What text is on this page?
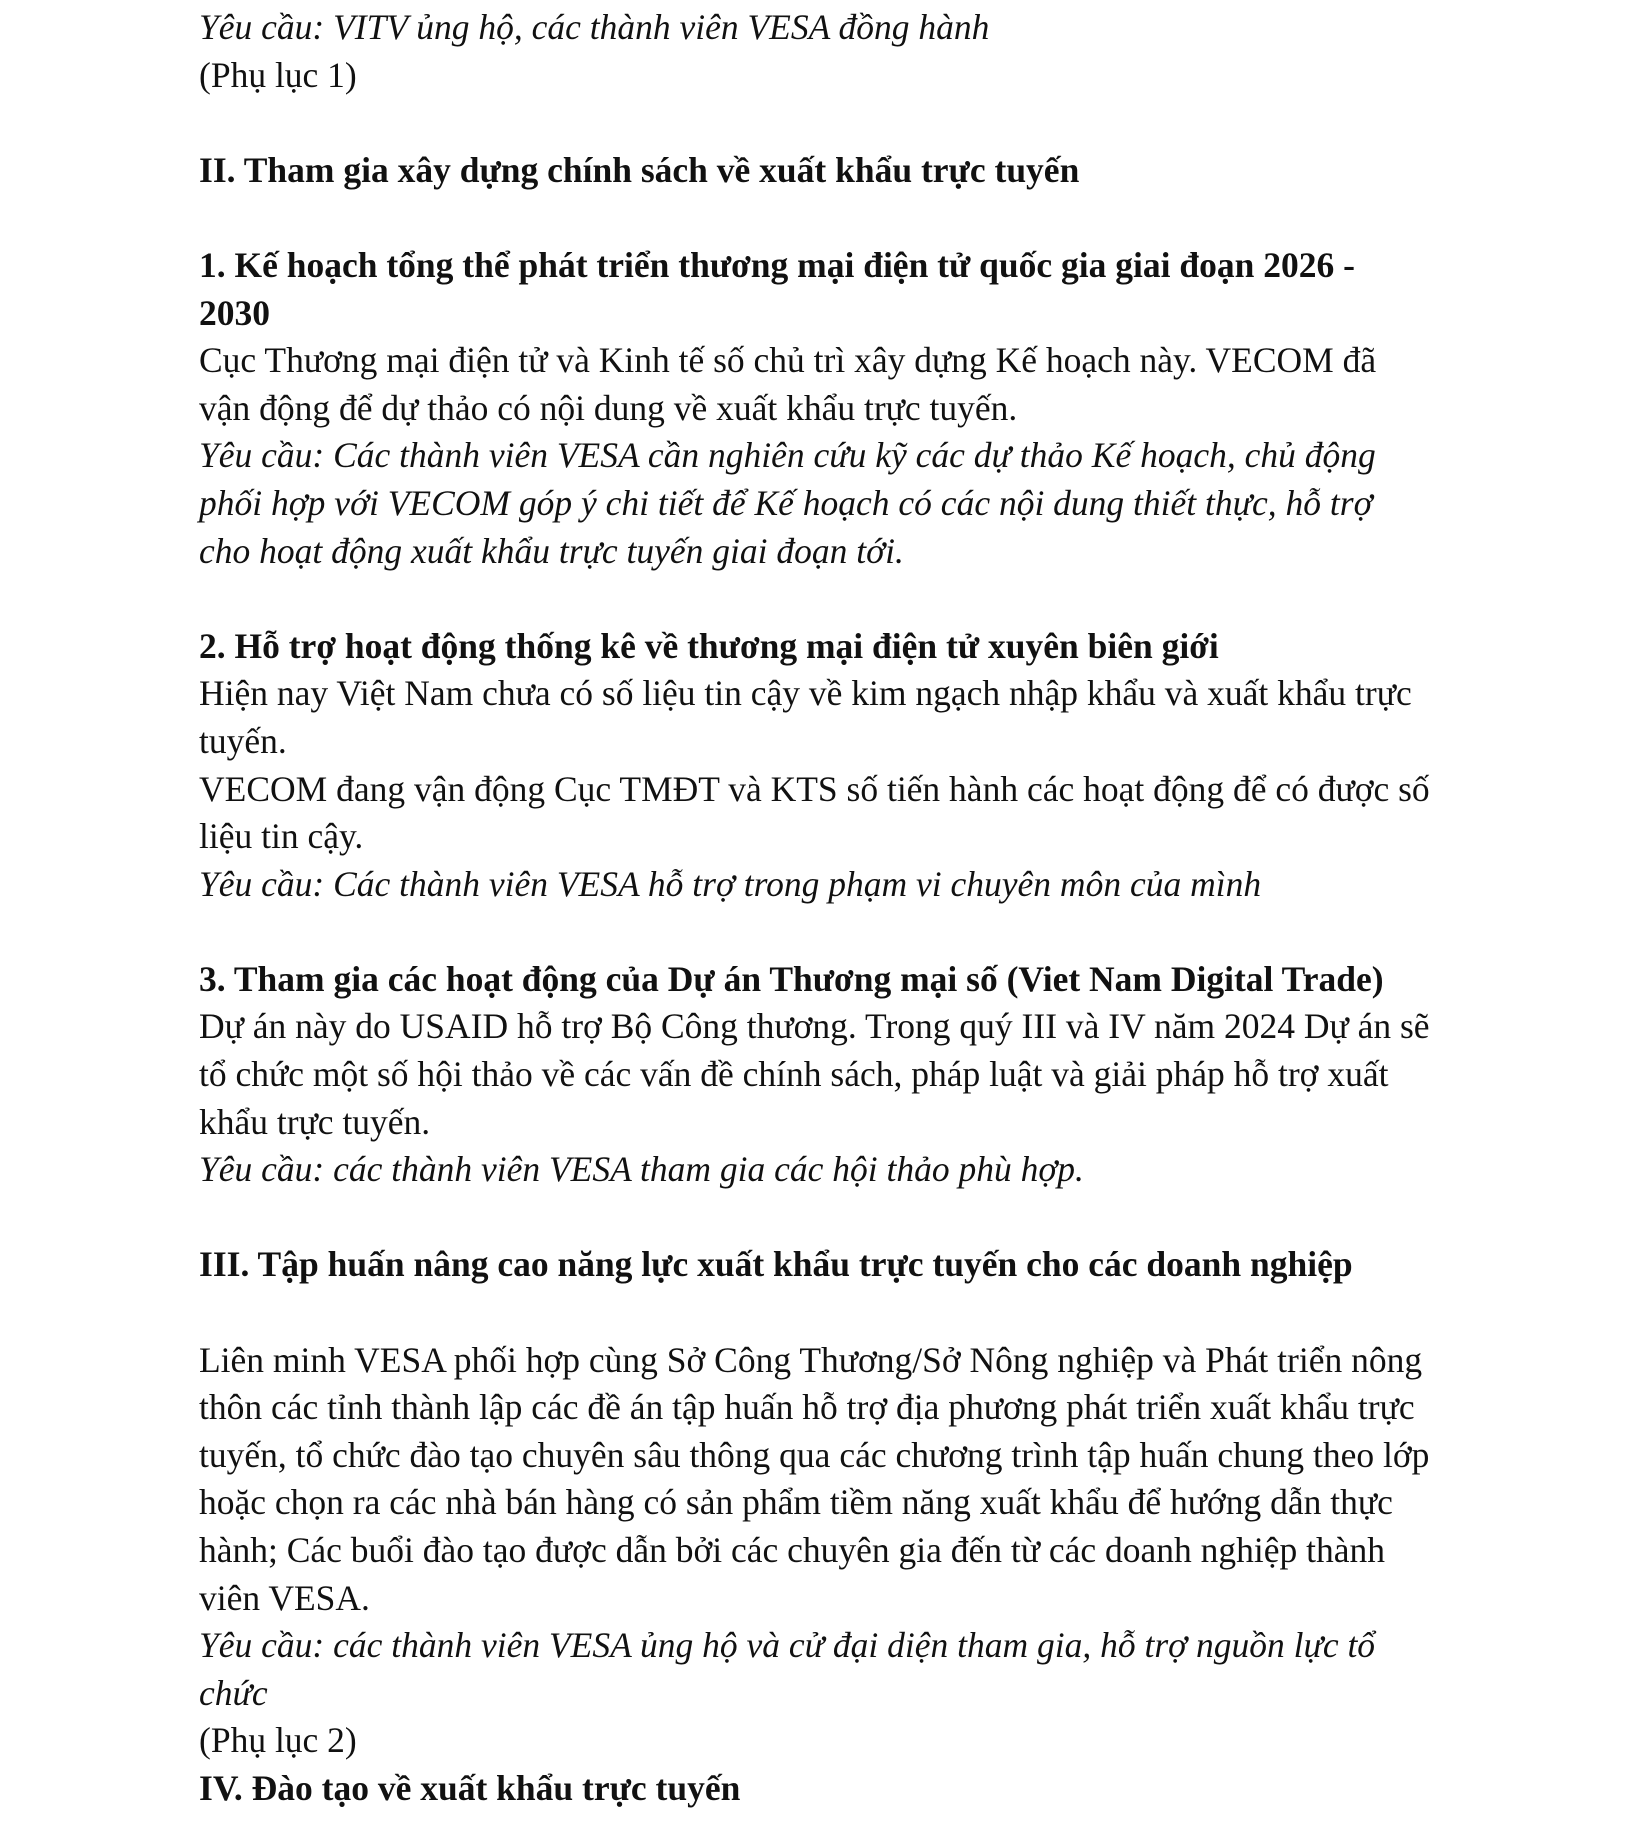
Yêu cầu: VITV ủng hộ, các thành viên VESA đồng hành
(Phụ lục 1)
II. Tham gia xây dựng chính sách về xuất khẩu trực tuyến
1. Kế hoạch tổng thể phát triển thương mại điện tử quốc gia giai đoạn 2026 -
2030
Cục Thương mại điện tử và Kinh tế số chủ trì xây dựng Kế hoạch này. VECOM đã
vận động để dự thảo có nội dung về xuất khẩu trực tuyến.
Yêu cầu: Các thành viên VESA cần nghiên cứu kỹ các dự thảo Kế hoạch, chủ động
phối hợp với VECOM góp ý chi tiết để Kế hoạch có các nội dung thiết thực, hỗ trợ
cho hoạt động xuất khẩu trực tuyến giai đoạn tới.
2. Hỗ trợ hoạt động thống kê về thương mại điện tử xuyên biên giới
Hiện nay Việt Nam chưa có số liệu tin cậy về kim ngạch nhập khẩu và xuất khẩu trực
tuyến.
VECOM đang vận động Cục TMĐT và KTS số tiến hành các hoạt động để có được số
liệu tin cậy.
Yêu cầu: Các thành viên VESA hỗ trợ trong phạm vi chuyên môn của mình
3. Tham gia các hoạt động của Dự án Thương mại số (Viet Nam Digital Trade)
Dự án này do USAID hỗ trợ Bộ Công thương. Trong quý III và IV năm 2024 Dự án sẽ
tổ chức một số hội thảo về các vấn đề chính sách, pháp luật và giải pháp hỗ trợ xuất
khẩu trực tuyến.
Yêu cầu: các thành viên VESA tham gia các hội thảo phù hợp.
III. Tập huấn nâng cao năng lực xuất khẩu trực tuyến cho các doanh nghiệp
Liên minh VESA phối hợp cùng Sở Công Thương/Sở Nông nghiệp và Phát triển nông
thôn các tỉnh thành lập các đề án tập huấn hỗ trợ địa phương phát triển xuất khẩu trực
tuyến, tổ chức đào tạo chuyên sâu thông qua các chương trình tập huấn chung theo lớp
hoặc chọn ra các nhà bán hàng có sản phẩm tiềm năng xuất khẩu để hướng dẫn thực
hành; Các buổi đào tạo được dẫn bởi các chuyên gia đến từ các doanh nghiệp thành
viên VESA.
Yêu cầu: các thành viên VESA ủng hộ và cử đại diện tham gia, hỗ trợ nguồn lực tổ
chức
(Phụ lục 2)
IV. Đào tạo về xuất khẩu trực tuyến
